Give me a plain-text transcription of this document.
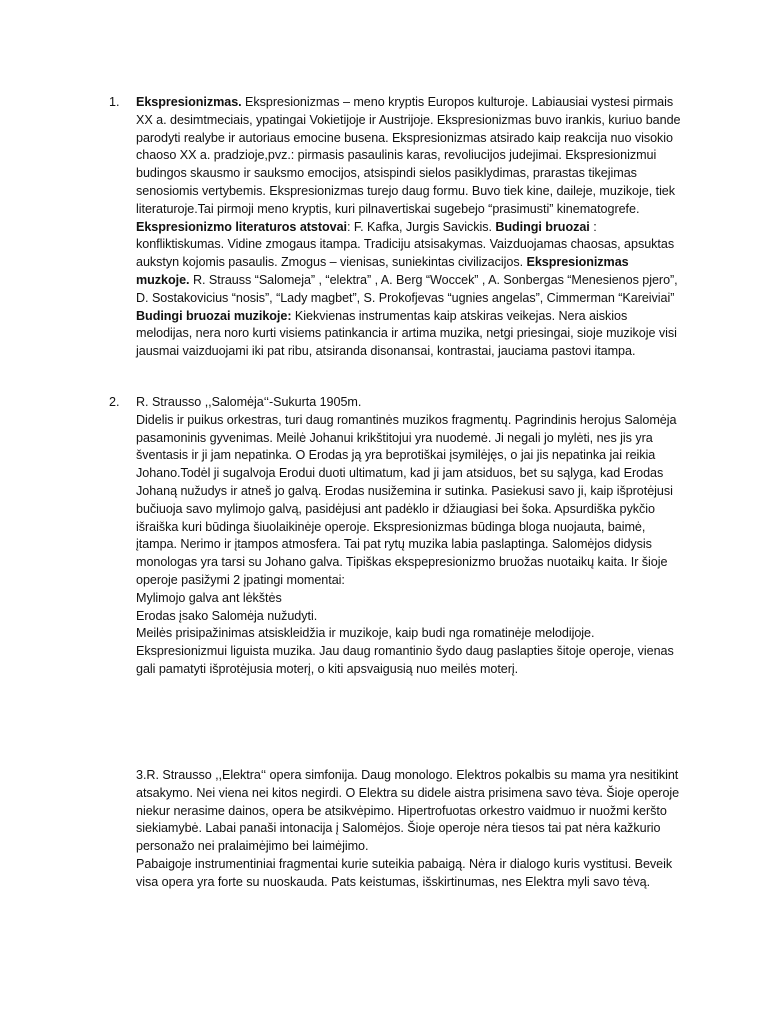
1. Ekspresionizmas. Ekspresionizmas – meno kryptis Europos kulturoje. Labiausiai vystesi pirmais XX a. desimtmeciais, ypatingai Vokietijoje ir Austrijoje. Ekspresionizmas buvo irankis, kuriuo bande parodyti realybe ir autoriaus emocine busena. Ekspresionizmas atsirado kaip reakcija nuo visokio chaoso XX a. pradzioje,pvz.: pirmasis pasaulinis karas, revoliucijos judejimai. Ekspresionizmui budingos skausmo ir sauksmo emocijos, atsispindi sielos pasiklydimas, prarastas tikejimas senosiomis vertybemis. Ekspresionizmas turejo daug formu. Buvo tiek kine, daileje, muzikoje, tiek literaturoje.Tai pirmoji meno kryptis, kuri pilnavertiskai sugebejo “prasimusti” kinematogrefe. Ekspresionizmo literaturos atstovai: F. Kafka, Jurgis Savickis. Budingi bruozai : konfliktiskumas. Vidine zmogaus itampa. Tradiciju atsisakymas. Vaizduojamas chaosas, apsuktas aukstyn kojomis pasaulis. Zmogus – vienisas, suniekintas civilizacijos. Ekspresionizmas muzkoje. R. Strauss “Salomeja” , “elektra” , A. Berg “Woccek” , A. Sonbergas “Menesienos pjero”, D. Sostakovicius “nosis”, “Lady magbet”, S. Prokofjevas “ugnies angelas”, Cimmerman “Kareiviai” Budingi bruozai muzikoje: Kiekvienas instrumentas kaip atskiras veikejas. Nera aiskios melodijas, nera noro kurti visiems patinkancia ir artima muzika, netgi priesingai, sioje muzikoje visi jausmai vaizduojami iki pat ribu, atsiranda disonansai, kontrastai, jauciama pastovi itampa.

2. R. Strausso ,,Salomėja‘‘-Sukurta 1905m.

Didelis ir puikus orkestras, turi daug romantinės muzikos fragmentų. Pagrindinis herojus Salomėja pasamoninis gyvenimas. Meilė Johanui krikštitojui yra nuodemė. Ji negali jo mylėti, nes jis yra šventasis ir ji jam nepatinka. O Erodas ją yra beprotiškai įsymilėjęs, o jai jis nepatinka jai reikia Johano.Todėl ji sugalvoja Erodui duoti ultimatum, kad ji jam atsiduos, bet su sąlyga, kad Erodas Johaną nužudys ir atneš jo galvą. Erodas nusižemina ir sutinka. Pasiekusi savo ji, kaip išprotėjusi bučiuoja savo mylimojo galvą, pasidėjusi ant padėklo ir džiaugiasi bei šoka. Apsurdiška pykčio išraiška kuri būdinga šiuolaikinėje operoje. Ekspresionizmas būdinga bloga nuojauta, baimė, įtampa. Nerimo ir įtampos atmosfera. Tai pat rytų muzika labia paslaptinga. Salomėjos didysis monologas yra tarsi su Johano galva. Tipiškas ekspepresionizmo bruožas nuotaikų kaita. Ir šioje operoje pasižymi 2 įpatingi momentai:

Mylimojo galva ant lėkštės

Erodas įsako Salomėja nužudyti.

Meilės prisipažinimas atsiskleidžia ir muzikoje, kaip budi nga romatinėje melodijoje.

Ekspresionizmui liguista muzika. Jau daug romantinio šydo daug paslapties šitoje operoje, vienas gali pamatyti išprotėjusia moterį, o kiti apsvaigusią nuo meilės moterį.

3.R. Strausso ,,Elektra‘‘ opera simfonija. Daug monologo. Elektros pokalbis su mama yra nesitikint atsakymo. Nei viena nei kitos negirdi. O Elektra su didele aistra prisimena savo tėva. Šioje operoje niekur nerasime dainos, opera be atsikvėpimo. Hipertrofuotas orkestro vaidmuo ir nuožmi keršto siekiamybė. Labai panaši intonacija į Salomėjos. Šioje operoje nėra tiesos tai pat nėra kažkurio personažo nei pralaimėjimo bei laimėjimo.

Pabaigoje instrumentiniai fragmentai kurie suteikia pabaigą. Nėra ir dialogo kuris vystitusi. Beveik visa opera yra forte su nuoskauda. Pats keistumas, išskirtinumas, nes Elektra myli savo tėvą.
